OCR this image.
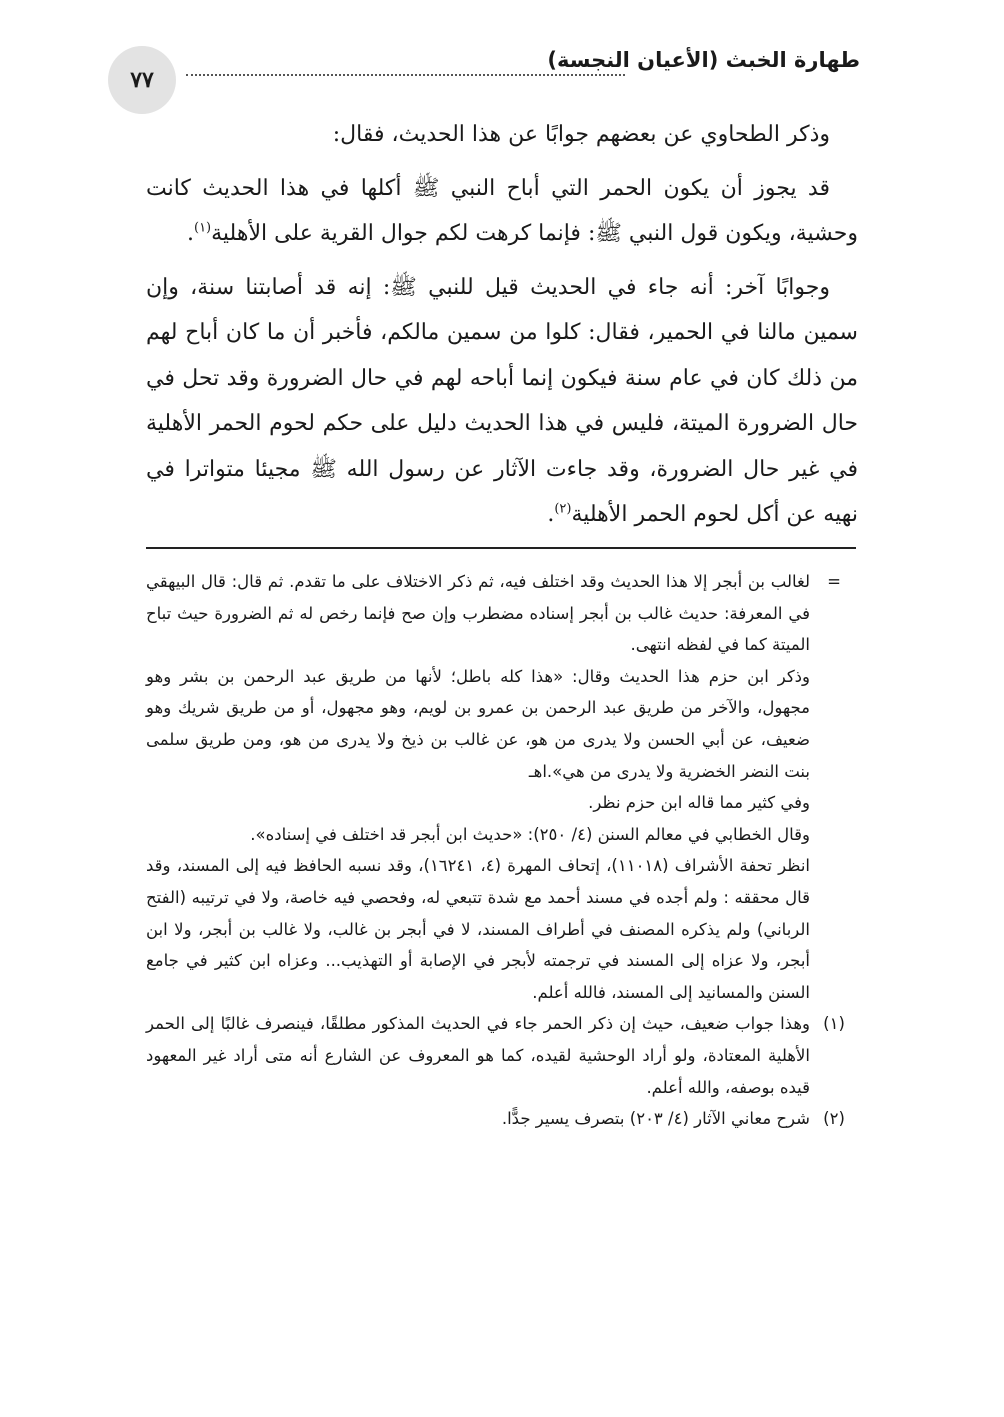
٧٧
طهارة الخبث (الأعيان النجسة)

وذكر الطحاوي عن بعضهم جوابًا عن هذا الحديث، فقال:

قد يجوز أن يكون الحمر التي أباح النبي ﷺ أكلها في هذا الحديث كانت وحشية، ويكون قول النبي ﷺ: فإنما كرهت لكم جوال القرية على الأهلية$^{(١)}$.

وجوابًا آخر: أنه جاء في الحديث قيل للنبي ﷺ: إنه قد أصابتنا سنة، وإن سمين مالنا في الحمير، فقال: كلوا من سمين مالكم، فأخبر أن ما كان أباح لهم من ذلك كان في عام سنة فيكون إنما أباحه لهم في حال الضرورة وقد تحل في حال الضرورة الميتة، فليس في هذا الحديث دليل على حكم لحوم الحمر الأهلية في غير حال الضرورة، وقد جاءت الآثار عن رسول الله ﷺ مجيئا متواترا في نهيه عن أكل لحوم الحمر الأهلية$^{(٢)}$.

=

لغالب بن أبجر إلا هذا الحديث وقد اختلف فيه، ثم ذكر الاختلاف على ما تقدم. ثم قال: قال البيهقي في المعرفة: حديث غالب بن أبجر إسناده مضطرب وإن صح فإنما رخص له ثم الضرورة حيث تباح الميتة كما في لفظه انتهى.

وذكر ابن حزم هذا الحديث وقال: «هذا كله باطل؛ لأنها من طريق عبد الرحمن بن بشر وهو مجهول، والآخر من طريق عبد الرحمن بن عمرو بن لويم، وهو مجهول، أو من طريق شريك وهو ضعيف، عن أبي الحسن ولا يدرى من هو، عن غالب بن ذيخ ولا يدرى من هو، ومن طريق سلمى بنت النضر الخضرية ولا يدرى من هي».اهـ

وفي كثير مما قاله ابن حزم نظر.

وقال الخطابي في معالم السنن (٤/ ٢٥٠): «حديث ابن أبجر قد اختلف في إسناده».

انظر تحفة الأشراف (١١٠١٨)، إتحاف المهرة (٤، ١٦٢٤١)، وقد نسبه الحافظ فيه إلى المسند، وقد قال محققه : ولم أجده في مسند أحمد مع شدة تتبعي له، وفحصي فيه خاصة، ولا في ترتيبه (الفتح الرباني) ولم يذكره المصنف في أطراف المسند، لا في أبجر بن غالب، ولا غالب بن أبجر، ولا ابن أبجر، ولا عزاه إلى المسند في ترجمته لأبجر في الإصابة أو التهذيب... وعزاه ابن كثير في جامع السنن والمسانيد إلى المسند، فالله أعلم.

(١)

وهذا جواب ضعيف، حيث إن ذكر الحمر جاء في الحديث المذكور مطلقًا، فينصرف غالبًا إلى الحمر الأهلية المعتادة، ولو أراد الوحشية لقيده، كما هو المعروف عن الشارع أنه متى أراد غير المعهود قيده بوصفه، والله أعلم.

(٢)

شرح معاني الآثار (٤/ ٢٠٣) بتصرف يسير جدًّا.
